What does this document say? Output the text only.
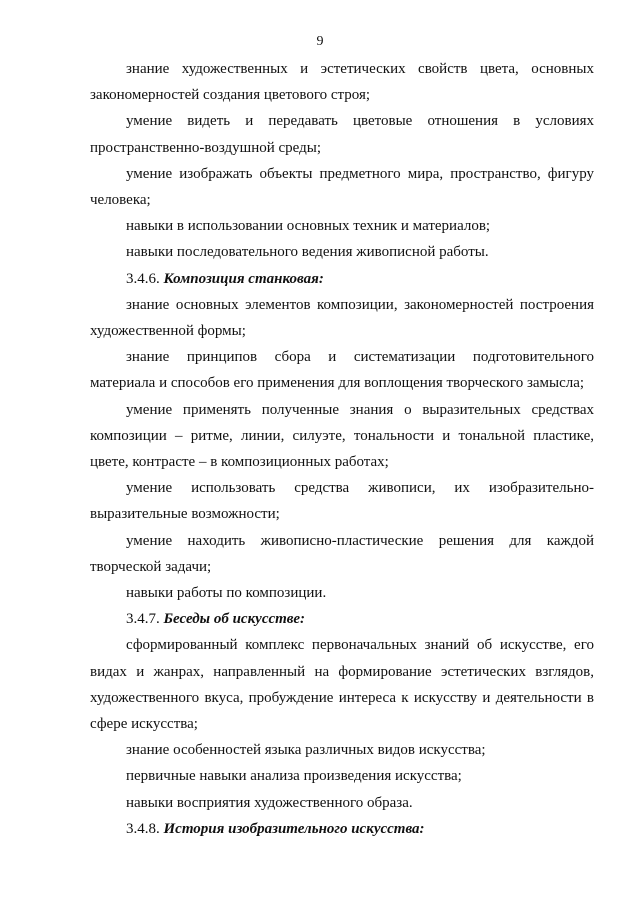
9

знание художественных и эстетических свойств цвета, основных закономерностей создания цветового строя;

умение видеть и передавать цветовые отношения в условиях пространственно-воздушной среды;

умение изображать объекты предметного мира, пространство, фигуру человека;

навыки в использовании основных техник и материалов;

навыки последовательного ведения живописной работы.

3.4.6. Композиция станковая:

знание основных элементов композиции, закономерностей построения художественной формы;

знание принципов сбора и систематизации подготовительного материала и способов его применения для воплощения творческого замысла;

умение применять полученные знания о выразительных средствах композиции – ритме, линии, силуэте, тональности и тональной пластике, цвете, контрасте – в композиционных работах;

умение использовать средства живописи, их изобразительно-выразительные возможности;

умение находить живописно-пластические решения для каждой творческой задачи;

навыки работы по композиции.

3.4.7. Беседы об искусстве:

сформированный комплекс первоначальных знаний об искусстве, его видах и жанрах, направленный на формирование эстетических взглядов, художественного вкуса, пробуждение интереса к искусству и деятельности в сфере искусства;

знание особенностей языка различных видов искусства;

первичные навыки анализа произведения искусства;

навыки восприятия художественного образа.

3.4.8. История изобразительного искусства:
